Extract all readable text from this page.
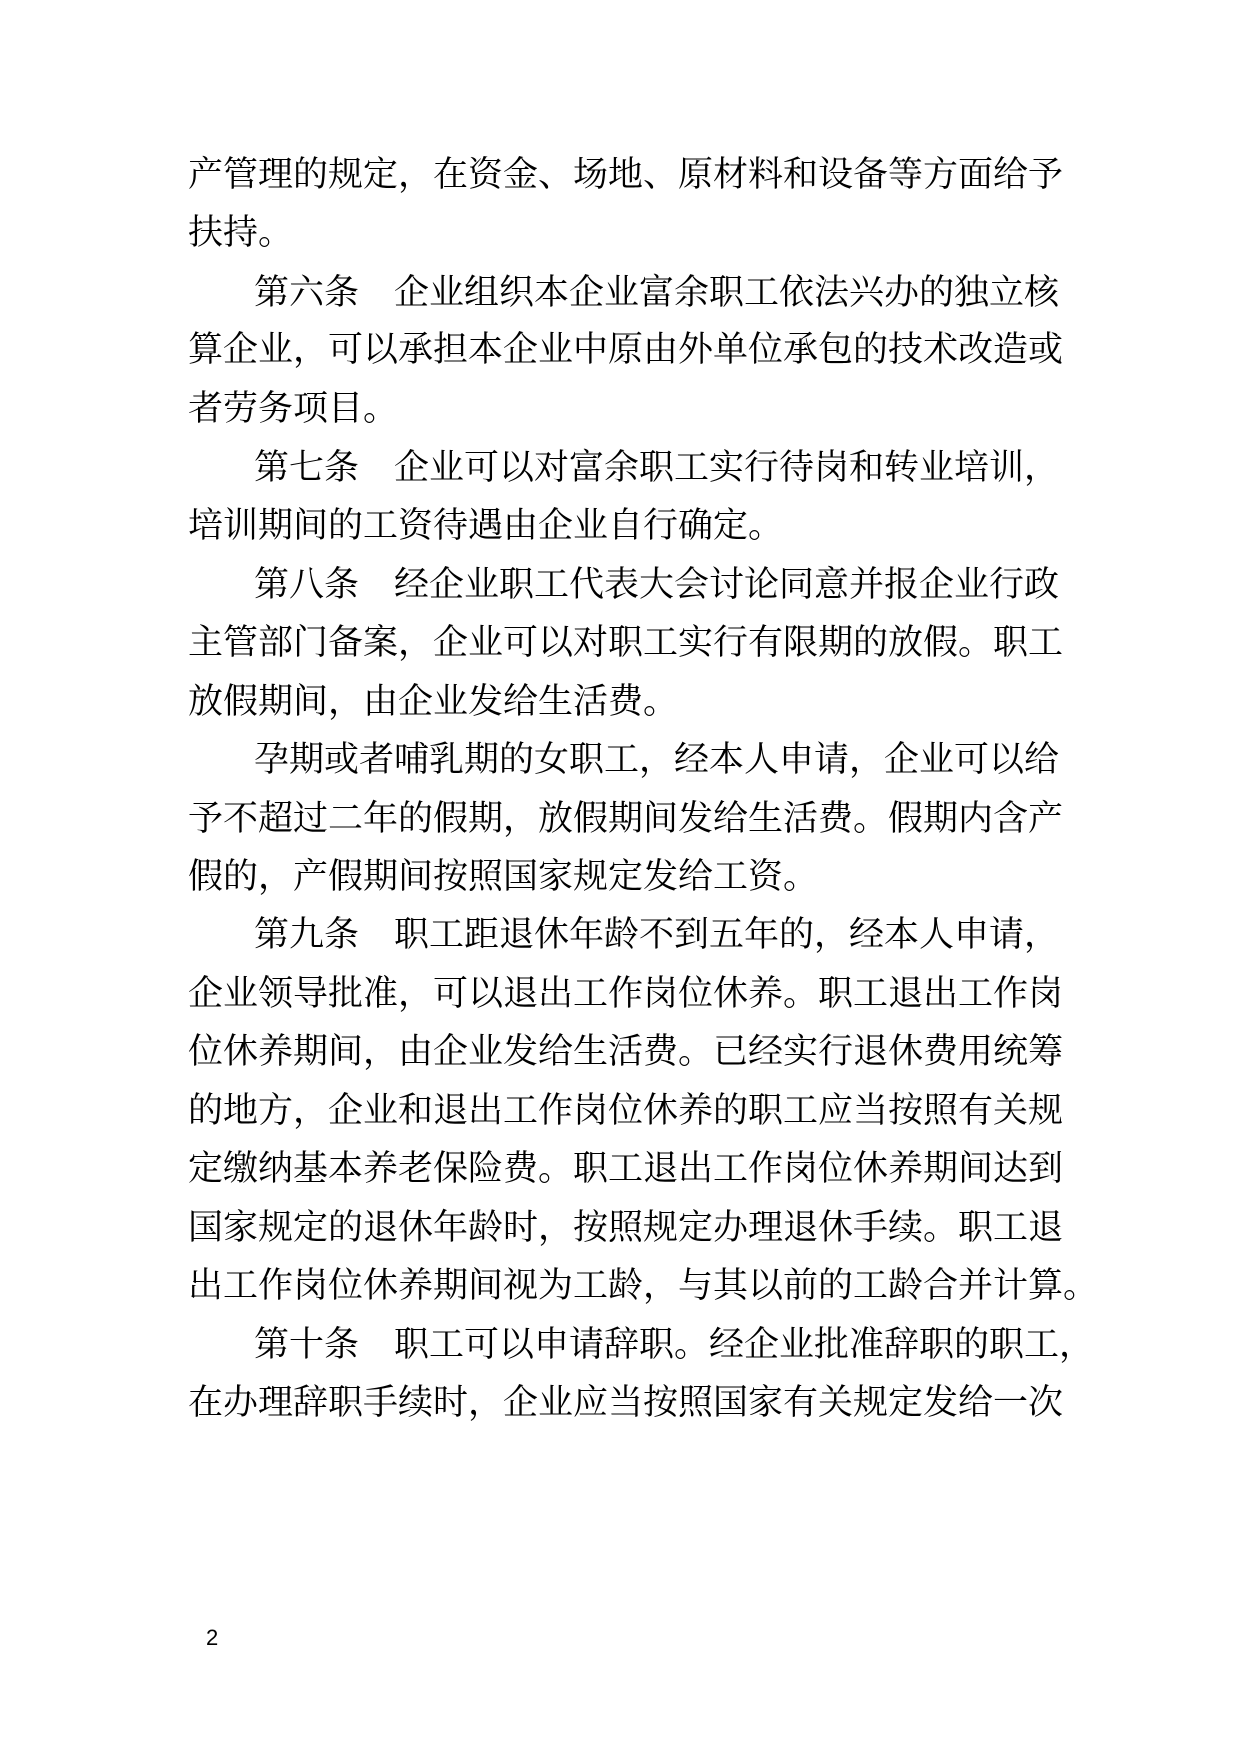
产管理的规定，在资金、场地、原材料和设备等方面给予
扶持。
第六条　企业组织本企业富余职工依法兴办的独立核
算企业，可以承担本企业中原由外单位承包的技术改造或
者劳务项目。
第七条　企业可以对富余职工实行待岗和转业培训，
培训期间的工资待遇由企业自行确定。
第八条　经企业职工代表大会讨论同意并报企业行政
主管部门备案，企业可以对职工实行有限期的放假。职工
放假期间，由企业发给生活费。
孕期或者哺乳期的女职工，经本人申请，企业可以给
予不超过二年的假期，放假期间发给生活费。假期内含产
假的，产假期间按照国家规定发给工资。
第九条　职工距退休年龄不到五年的，经本人申请，
企业领导批准，可以退出工作岗位休养。职工退出工作岗
位休养期间，由企业发给生活费。已经实行退休费用统筹
的地方，企业和退出工作岗位休养的职工应当按照有关规
定缴纳基本养老保险费。职工退出工作岗位休养期间达到
国家规定的退休年龄时，按照规定办理退休手续。职工退
出工作岗位休养期间视为工龄，与其以前的工龄合并计算。
第十条　职工可以申请辞职。经企业批准辞职的职工，
在办理辞职手续时，企业应当按照国家有关规定发给一次
2
